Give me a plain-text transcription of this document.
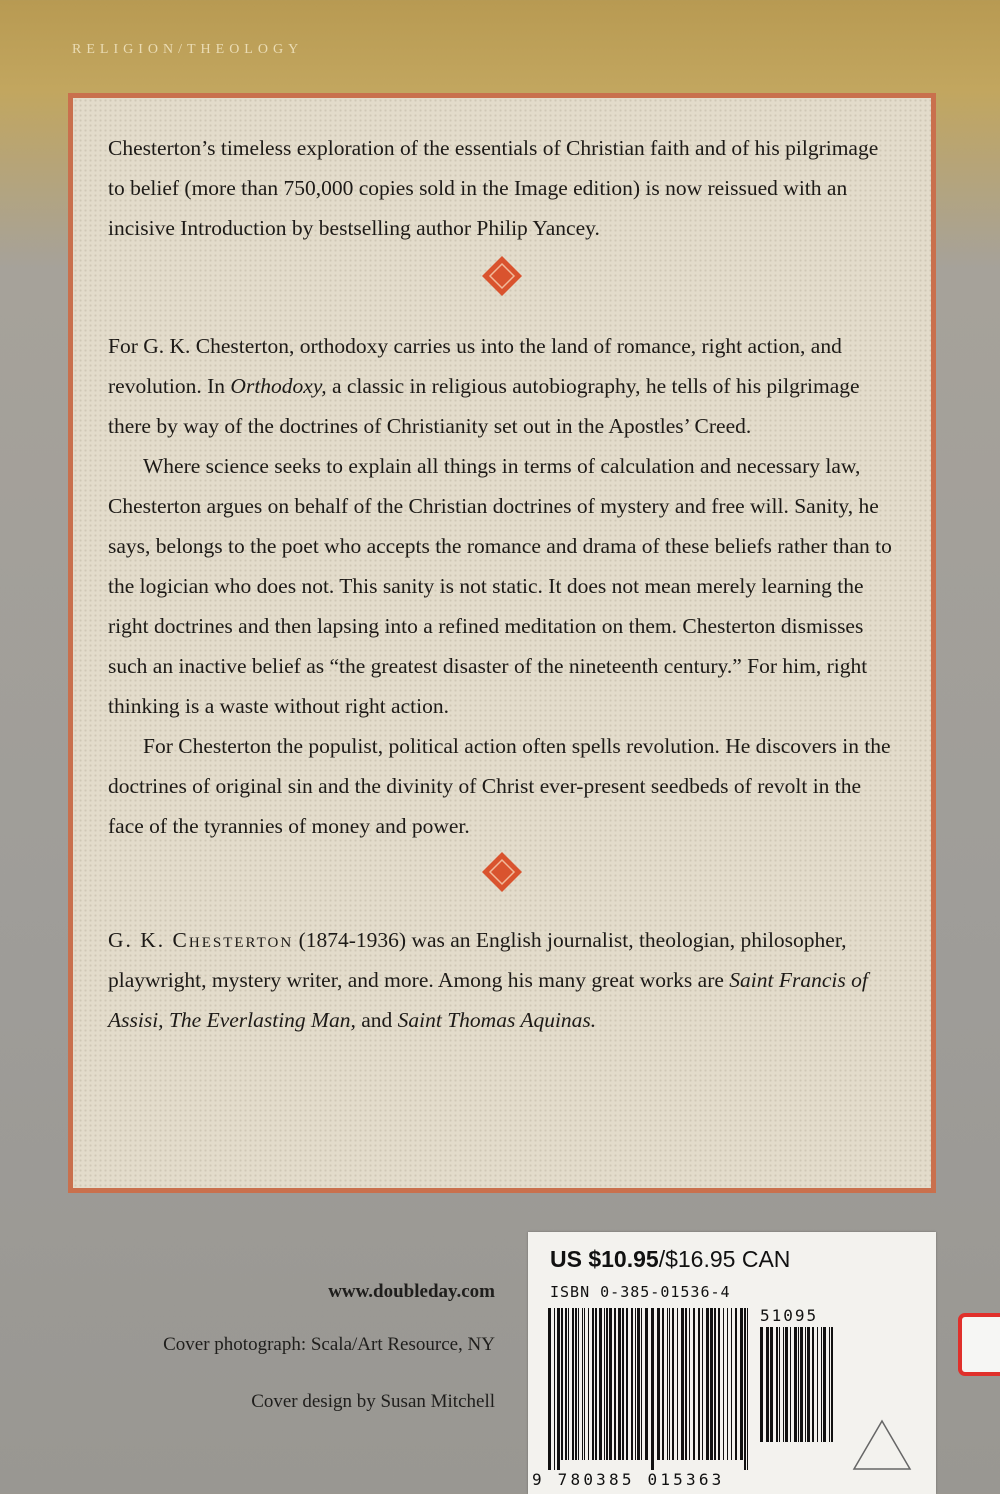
RELIGION/THEOLOGY

Chesterton’s timeless exploration of the essentials of Christian faith and of his pilgrimage to belief (more than 750,000 copies sold in the Image edition) is now reissued with an incisive Introduction by bestselling author Philip Yancey.

For G. K. Chesterton, orthodoxy carries us into the land of romance, right action, and revolution. In Orthodoxy, a classic in religious autobiography, he tells of his pilgrimage there by way of the doctrines of Christianity set out in the Apostles’ Creed.

Where science seeks to explain all things in terms of calculation and necessary law, Chesterton argues on behalf of the Christian doctrines of mystery and free will. Sanity, he says, belongs to the poet who accepts the romance and drama of these beliefs rather than to the logician who does not. This sanity is not static. It does not mean merely learning the right doctrines and then lapsing into a refined meditation on them. Chesterton dismisses such an inactive belief as “the greatest disaster of the nineteenth century.” For him, right thinking is a waste without right action.

For Chesterton the populist, political action often spells revolution. He discovers in the doctrines of original sin and the divinity of Christ ever-present seedbeds of revolt in the face of the tyrannies of money and power.

G. K. Chesterton (1874-1936) was an English journalist, theologian, philosopher, playwright, mystery writer, and more. Among his many great works are Saint Francis of Assisi, The Everlasting Man, and Saint Thomas Aquinas.

www.doubleday.com
Cover photograph: Scala/Art Resource, NY
Cover design by Susan Mitchell
US $10.95/$16.95 CAN
ISBN 0-385-01536-4
51095
9 780385 015363
